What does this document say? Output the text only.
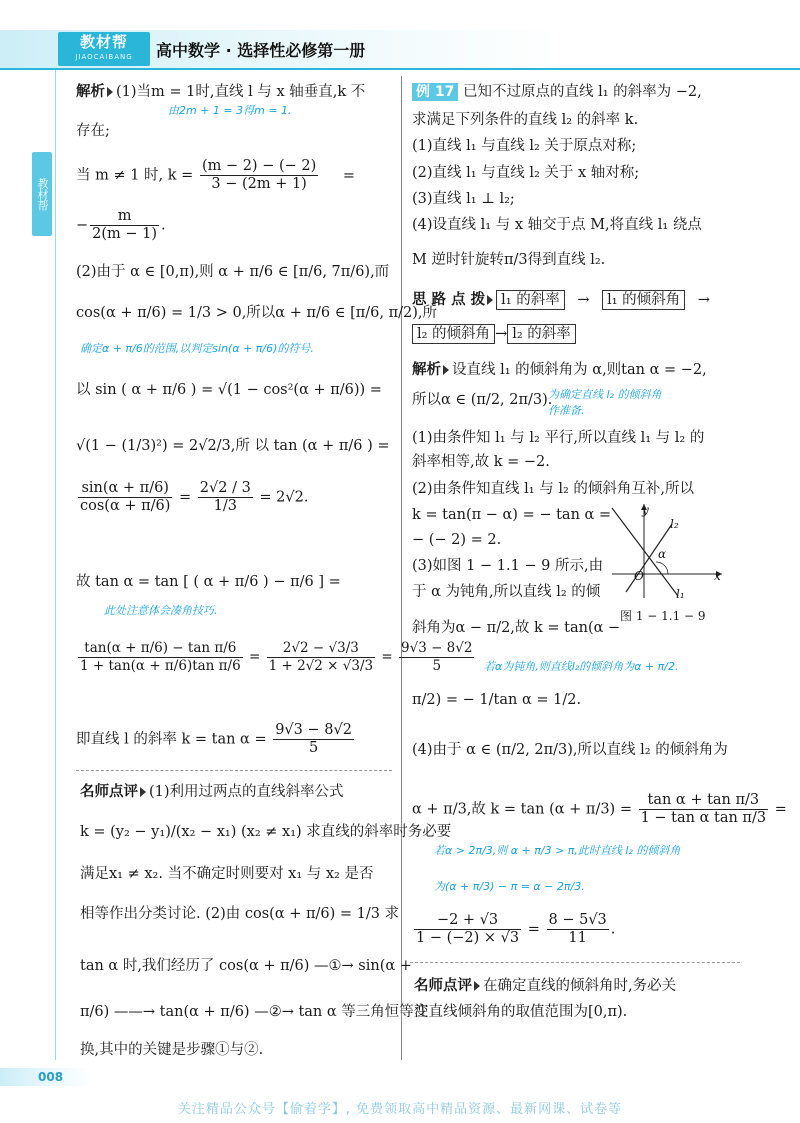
教材帮
JIAOCAIBANG	高中数学 · 选择性必修第一册
教材帮
解析 (1)当m = 1时,直线 l 与 x 轴垂直,k 不
由2m + 1 = 3得m = 1.
存在;
当 m ≠ 1 时, $k = \frac{(m - 2) - (- 2)}{3 - (2m + 1)}$ =
− $\frac{m}{2(m - 1)}$ .
(2)由于 α ∈ [0,π),则 α + π/6 ∈ [π/6, 7π/6),而
cos(α + π/6) = 1/3 > 0,所以α + π/6 ∈ [π/6, π/2),所
确定α + π/6的范围,以判定sin(α + π/6)的符号.
以 sin ( α + π/6 ) = √(1 − cos²(α + π/6)) =
√(1 − (1/3)²) = 2√2/3,所 以 tan (α + π/6 ) =
$\frac{\sin(\alpha + \pi/6)}{\cos(\alpha + \pi/6)} = \frac{2√2 / 3}{1/3} = 2√2$.
故 tan α = tan [ ( α + π/6 ) − π/6 ] =
此处注意体会凑角技巧.
$\frac{\text{tan(α + π/6) − tan π/6}}{\text{1 + tan(α + π/6)tan π/6}} = \frac{2√2 - √3/3}{1 + 2√2 \times √3/3} = \frac{9√3 - 8√2}{5}$
即直线 l 的斜率 $k = \tan \alpha = \frac{9√3 - 8√2}{5}$
名师点评 (1)利用过两点的直线斜率公式
k = (y₂ − y₁)/(x₂ − x₁) (x₂ ≠ x₁) 求直线的斜率时务必要
满足x₁ ≠ x₂. 当不确定时则要对 x₁ 与 x₂ 是否
相等作出分类讨论. (2)由 cos(α + π/6) = 1/3 求
tan α 时,我们经历了 cos(α + π/6) —①→ sin(α +
π/6) ——→ tan(α + π/6) —②→ tan α 等三角恒等变
换,其中的关键是步骤①与②.
例 17 已知不过原点的直线 l₁ 的斜率为 −2,
求满足下列条件的直线 l₂ 的斜率 k.
(1)直线 l₁ 与直线 l₂ 关于原点对称;
(2)直线 l₁ 与直线 l₂ 关于 x 轴对称;
(3)直线 l₁ ⊥ l₂;
(4)设直线 l₁ 与 x 轴交于点 M,将直线 l₁ 绕点
M 逆时针旋转π/3得到直线 l₂.
思 路 点 拨 l₁ 的斜率 → l₁ 的倾斜角 →
l₂ 的倾斜角 → l₂ 的斜率
解析 设直线 l₁ 的倾斜角为 α,则tan α = −2,
所以α ∈ (π/2, 2π/3).
为确定直线 l₂ 的倾斜角
作准备.
(1)由条件知 l₁ 与 l₂ 平行,所以直线 l₁ 与 l₂ 的
斜率相等,故 k = −2.
(2)由条件知直线 l₁ 与 l₂ 的倾斜角互补,所以
k = tan(π − α) = − tan α =
− (− 2) = 2.
(3)如图 1 − 1.1 − 9 所示,由
于 α 为钝角,所以直线 l₂ 的倾
斜角为α − π/2,故 k = tan(α −
y
x
O
α
l₁
l₂
图 1 − 1.1 − 9
若α为钝角,则直线l₂的倾斜角为α + π/2.
π/2) = − 1/tan α = 1/2.
(4)由于 α ∈ (π/2, 2π/3),所以直线 l₂ 的倾斜角为
α + π/3,故 $k = \tan (\alpha + \pi/3) = \frac{\text{tan α + tan π/3}}{\text{1 − tan α tan π/3}}$ =
若α > 2π/3,则 α + π/3 > π,此时直线 l₂ 的倾斜角
为(α + π/3) − π = α − 2π/3.
$\frac{-2 + √3}{1 - (-2) \times √3} = \frac{8 - 5√3}{11}$ .
名师点评 在确定直线的倾斜角时,务必关
注直线倾斜角的取值范围为[0,π).
008
关注精品公众号【偷着学】, 免费领取高中精品资源、最新网课、试卷等
